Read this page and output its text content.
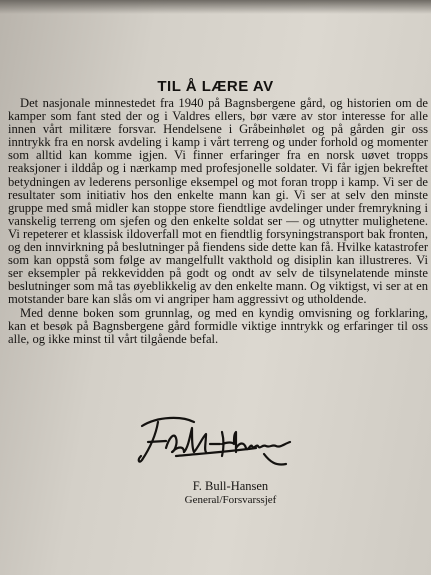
TIL Å LÆRE AV

Det nasjonale minnestedet fra 1940 på Bagnsbergene gård, og historien om de kamper som fant sted der og i Valdres ellers, bør være av stor interesse for alle innen vårt militære forsvar. Hendelsene i Gråbeinhølet og på gården gir oss inntrykk fra en norsk avdeling i kamp i vårt terreng og under forhold og momenter som alltid kan komme igjen. Vi finner erfaringer fra en norsk uøvet tropps reaksjoner i ilddåp og i nærkamp med profesjonelle soldater. Vi får igjen bekreftet betydningen av lederens personlige eksempel og mot foran tropp i kamp. Vi ser de resultater som initiativ hos den enkelte mann kan gi. Vi ser at selv den minste gruppe med små midler kan stoppe store fiendtlige avdelinger under fremrykning i vanskelig terreng om sjefen og den enkelte soldat ser — og utnytter mulighetene. Vi repeterer et klassisk ildoverfall mot en fiendtlig forsyningstransport bak fronten, og den innvirkning på beslutninger på fiendens side dette kan få. Hvilke katastrofer som kan oppstå som følge av mangelfullt vakthold og disiplin kan illustreres. Vi ser eksempler på rekkevidden på godt og ondt av selv de tilsynelatende minste beslutninger som må tas øyeblikkelig av den enkelte mann. Og viktigst, vi ser at en motstander bare kan slås om vi angriper ham aggressivt og utholdende.

Med denne boken som grunnlag, og med en kyndig omvisning og forklaring, kan et besøk på Bagnsbergene gård formidle viktige inntrykk og erfaringer til oss alle, og ikke minst til vårt tilgående befal.

F. Bull-Hansen
General/Forsvarssjef
